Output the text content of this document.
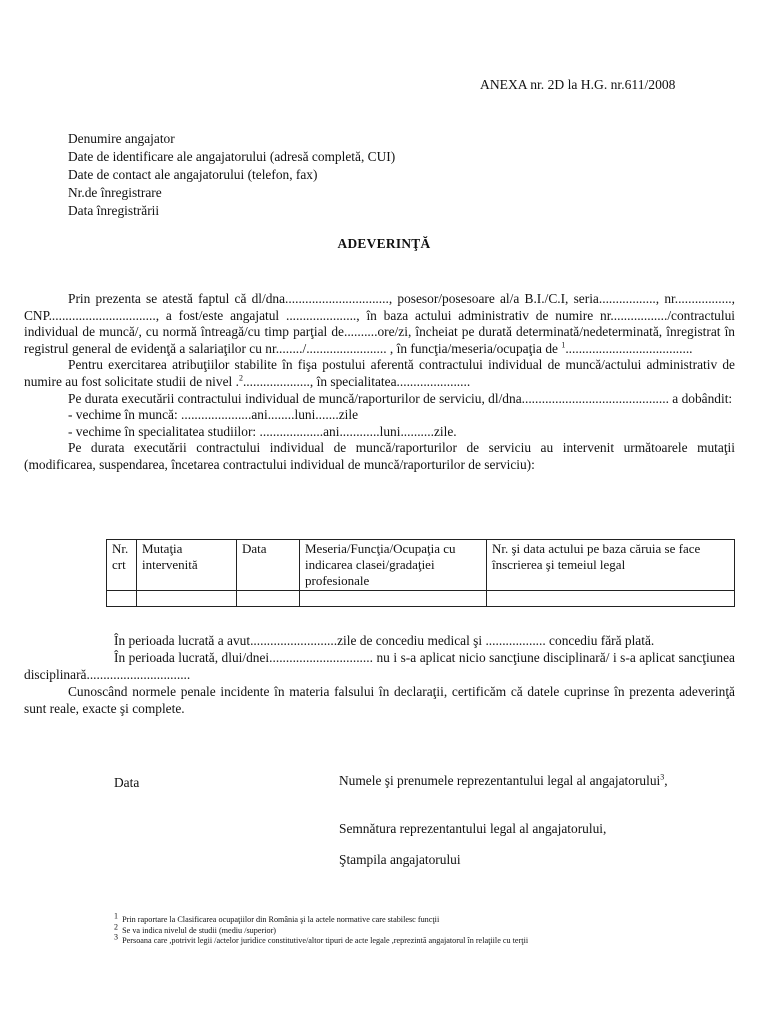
ANEXA nr. 2D la H.G. nr.611/2008
Denumire angajator
Date de identificare ale angajatorului (adresă completă, CUI)
Date de contact ale angajatorului (telefon, fax)
Nr.de înregistrare
Data înregistrării
ADEVERINŢĂ

Prin prezenta se atestă faptul că dl/dna..............................., posesor/posesoare al/a B.I./C.I, seria................., nr................., CNP................................, a fost/este angajatul ....................., în baza actului administrativ de numire nr................./contractului individual de muncă/, cu normă întreagă/cu timp parţial de..........ore/zi, încheiat pe durată determinată/nedeterminată, înregistrat în registrul general de evidenţă a salariaţilor cu nr......../........................ , în funcţia/meseria/ocupaţia de $^1$......................................

Pentru exercitarea atribuţiilor stabilite în fişa postului aferentă contractului individual de muncă/actului administrativ de numire au fost solicitate studii de nivel .$^2$...................., în specialitatea......................

Pe durata executării contractului individual de muncă/raporturilor de serviciu, dl/dna............................................ a dobândit:

- vechime în muncă: .....................ani........luni.......zile

- vechime în specialitatea studiilor: ...................ani............luni..........zile.

Pe durata executării contractului individual de muncă/raporturilor de serviciu au intervenit următoarele mutaţii (modificarea, suspendarea, încetarea contractului individual de muncă/raporturilor de serviciu):

Nr. crt	Mutaţia intervenită	Data	Meseria/Funcţia/Ocupaţia cu indicarea clasei/gradaţiei profesionale	Nr. şi data actului pe baza căruia se face înscrierea şi temeiul legal

În perioada lucrată a avut..........................zile de concediu medical şi .................. concediu fără plată.

În perioada lucrată, dlui/dnei............................... nu i s-a aplicat nicio sancţiune disciplinară/ i s-a aplicat sancţiunea disciplinară...............................

Cunoscând normele penale incidente în materia falsului în declaraţii, certificăm că datele cuprinse în prezenta adeverinţă sunt reale, exacte şi complete.

Data	Numele şi prenumele reprezentantului legal al angajatorului$^3$,
Semnătura reprezentantului legal al angajatorului,
Ştampila angajatorului
$^1$ Prin raportare la Clasificarea ocupaţiilor din România şi la actele normative care stabilesc funcţii
$^2$ Se va indica nivelul de studii (mediu /superior)
$^3$ Persoana care ,potrivit legii /actelor juridice constitutive/altor tipuri de acte legale ,reprezintă angajatorul în relaţiile cu terţii
